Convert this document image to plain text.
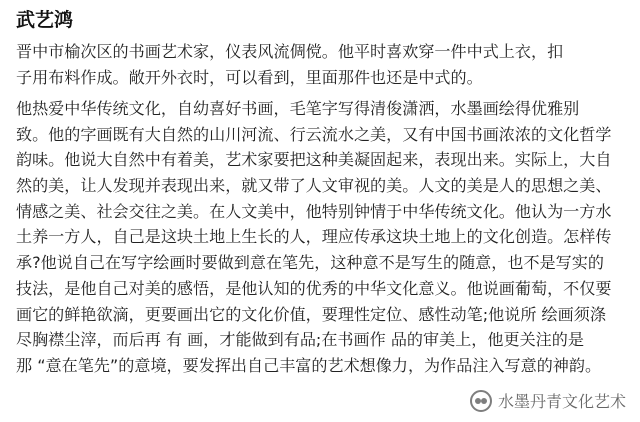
武艺鸿
晋中市榆次区的书画艺术家，仪表风流倜傥。他平时喜欢穿一件中式上衣，扣
子用布料作成。敞开外衣时，可以看到，里面那件也还是中式的。
他热爱中华传统文化，自幼喜好书画，毛笔字写得清俊潇洒，水墨画绘得优雅别
致。他的字画既有大自然的山川河流、行云流水之美，又有中国书画浓浓的文化哲学
韵味。他说大自然中有着美，艺术家要把这种美凝固起来，表现出来。实际上，大自
然的美，让人发现并表现出来，就又带了人文审视的美。人文的美是人的思想之美、
情感之美、社会交往之美。在人文美中，他特别钟情于中华传统文化。他认为一方水
土养一方人，自己是这块土地上生长的人，理应传承这块土地上的文化创造。怎样传
承?他说自己在写字绘画时要做到意在笔先，这种意不是写生的随意，也不是写实的
技法，是他自己对美的感悟，是他认知的优秀的中华文化意义。他说画葡萄，不仅要
画它的鲜艳欲滴，更要画出它的文化价值，要理性定位、感性动笔;他说所 绘画须涤
尽胸襟尘滓，而后再 有 画，才能做到有品;在书画作 品的审美上，他更关注的是
那 “意在笔先”的意境，要发挥出自己丰富的艺术想像力，为作品注入写意的神韵。
水墨丹青文化艺术
